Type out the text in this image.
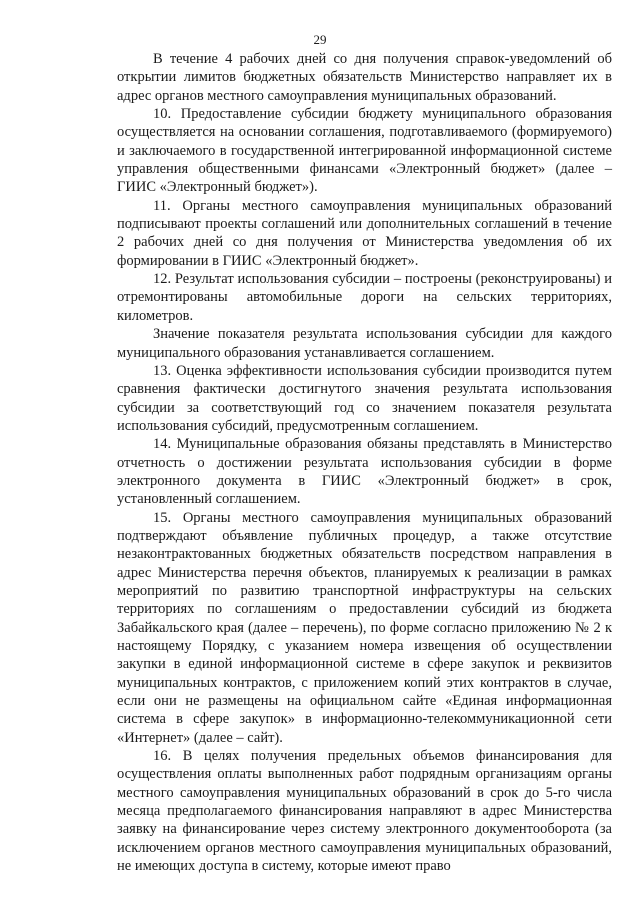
29

В течение 4 рабочих дней со дня получения справок-уведомлений об открытии лимитов бюджетных обязательств Министерство направляет их в адрес органов местного самоуправления муниципальных образований.

10. Предоставление субсидии бюджету муниципального образования осуществляется на основании соглашения, подготавливаемого (формируемого) и заключаемого в государственной интегрированной информационной системе управления общественными финансами «Электронный бюджет» (далее – ГИИС «Электронный бюджет»).

11. Органы местного самоуправления муниципальных образований подписывают проекты соглашений или дополнительных соглашений в течение 2 рабочих дней со дня получения от Министерства уведомления об их формировании в ГИИС «Электронный бюджет».

12. Результат использования субсидии – построены (реконструированы) и отремонтированы автомобильные дороги на сельских территориях, километров.

Значение показателя результата использования субсидии для каждого муниципального образования устанавливается соглашением.

13. Оценка эффективности использования субсидии производится путем сравнения фактически достигнутого значения результата использования субсидии за соответствующий год со значением показателя результата использования субсидий, предусмотренным соглашением.

14. Муниципальные образования обязаны представлять в Министерство отчетность о достижении результата использования субсидии в форме электронного документа в ГИИС «Электронный бюджет» в срок, установленный соглашением.

15. Органы местного самоуправления муниципальных образований подтверждают объявление публичных процедур, а также отсутствие незаконтрактованных бюджетных обязательств посредством направления в адрес Министерства перечня объектов, планируемых к реализации в рамках мероприятий по развитию транспортной инфраструктуры на сельских территориях по соглашениям о предоставлении субсидий из бюджета Забайкальского края (далее – перечень), по форме согласно приложению № 2 к настоящему Порядку, с указанием номера извещения об осуществлении закупки в единой информационной системе в сфере закупок и реквизитов муниципальных контрактов, с приложением копий этих контрактов в случае, если они не размещены на официальном сайте «Единая информационная система в сфере закупок» в информационно-телекоммуникационной сети «Интернет» (далее – сайт).

16. В целях получения предельных объемов финансирования для осуществления оплаты выполненных работ подрядным организациям органы местного самоуправления муниципальных образований в срок до 5-го числа месяца предполагаемого финансирования направляют в адрес Министерства заявку на финансирование через систему электронного документооборота (за исключением органов местного самоуправления муниципальных образований, не имеющих доступа в систему, которые имеют право
